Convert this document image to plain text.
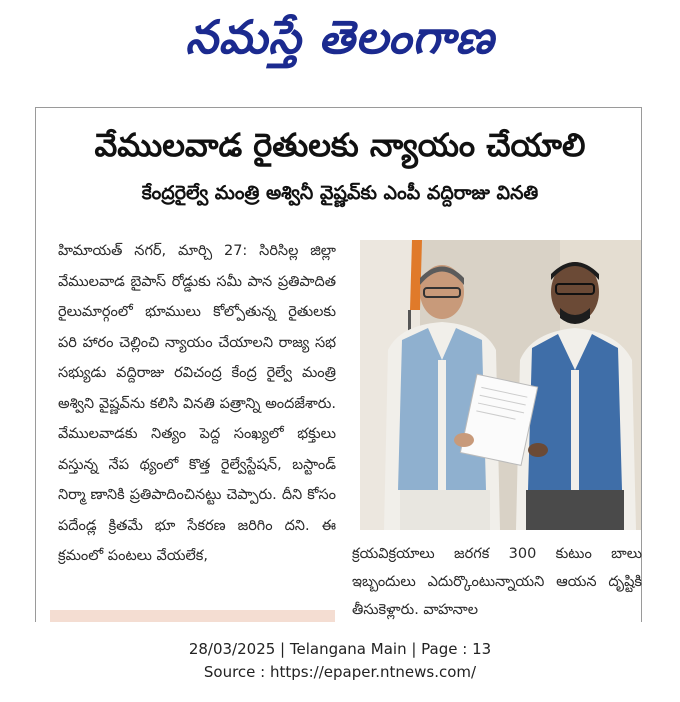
నమస్తే తెలంగాణ
వేములవాడ రైతులకు న్యాయం చేయాలి
కేంద్రరైల్వే మంత్రి అశ్వినీ వైష్ణవ్‌కు ఎంపీ వద్దిరాజు వినతి

హిమాయత్ నగర్, మార్చి 27: సిరిసిల్ల జిల్లా వేములవాడ బైపాస్ రోడ్డుకు సమీ పాన ప్రతిపాదిత రైలుమార్గంలో భూములు కోల్పోతున్న రైతులకు పరి హారం చెల్లించి న్యాయం చేయాలని రాజ్య సభ సభ్యుడు వద్దిరాజు రవిచంద్ర కేంద్ర రైల్వే మంత్రి అశ్విని వైష్ణవ్‌ను కలిసి వినతి పత్రాన్ని అందజేశారు. వేములవాడకు నిత్యం పెద్ద సంఖ్యలో భక్తులు వస్తున్న నేప థ్యంలో కొత్త రైల్వేస్టేషన్, బస్టాండ్ నిర్మా ణానికి ప్రతిపాదించినట్టు చెప్పారు. దీని కోసం పదేండ్ల క్రితమే భూ సేకరణ జరిగిం దని. ఈ క్రమంలో పంటలు వేయలేక,	క్రయవిక్రయాలు జరగక 300 కుటుం బాలు ఇబ్బందులు ఎదుర్కొంటున్నాయని ఆయన దృష్టికి తీసుకెళ్లారు. వాహనాల

28/03/2025 | Telangana Main | Page : 13
Source : https://epaper.ntnews.com/
